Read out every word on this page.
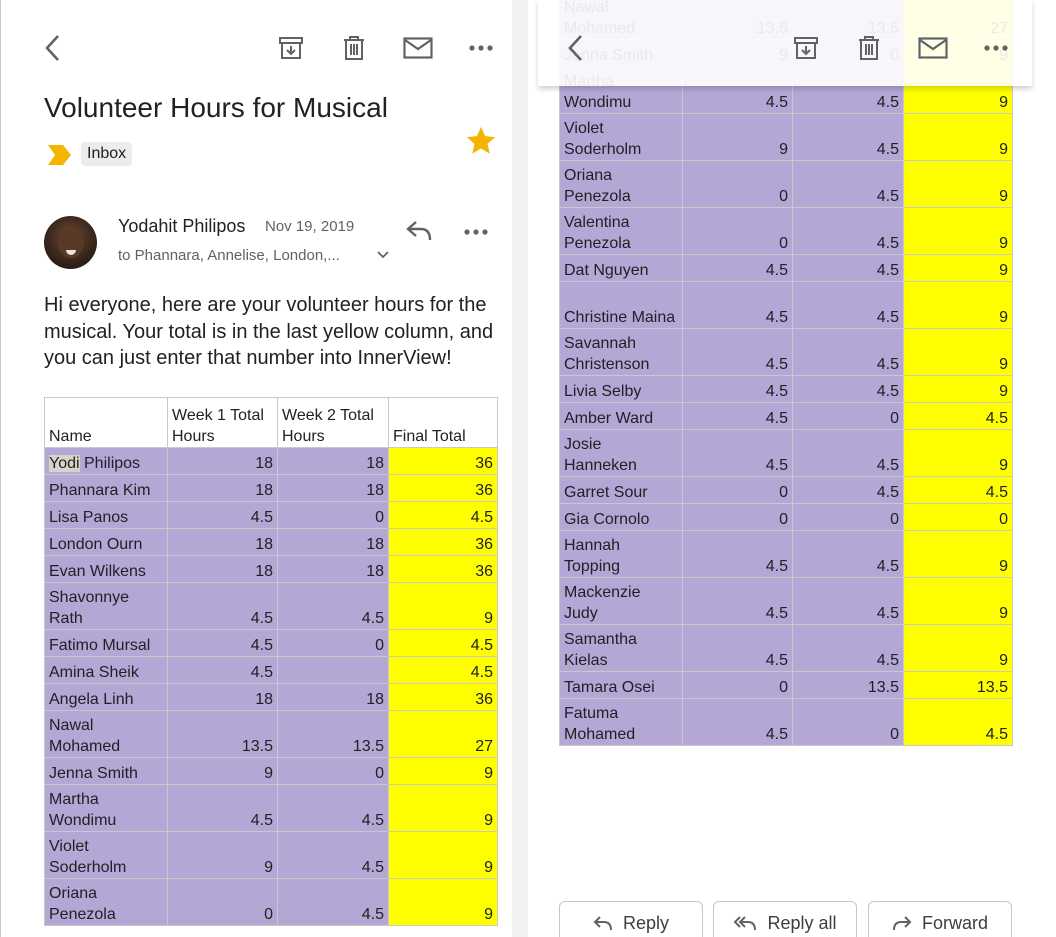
Volunteer Hours for Musical
Inbox
Yodahit Philipos Nov 19, 2019
to Phannara, Annelise, London,...
Hi everyone, here are your volunteer hours for the musical. Your total is in the last yellow column, and you can just enter that number into InnerView!
Name	Week 1 Total Hours	Week 2 Total Hours	Final Total
Yodi Philipos	18	18	36
Phannara Kim	18	18	36
Lisa Panos	4.5	0	4.5
London Ourn	18	18	36
Evan Wilkens	18	18	36
Shavonnye Rath	4.5	4.5	9
Fatimo Mursal	4.5	0	4.5
Amina Sheik	4.5		4.5
Angela Linh	18	18	36
Nawal Mohamed	13.5	13.5	27
Jenna Smith	9	0	9
Martha Wondimu	4.5	4.5	9
Violet Soderholm	9	4.5	9
Oriana Penezola	0	4.5	9

Wondimu	4.5	4.5	9
Violet Soderholm	9	4.5	9
Oriana Penezola	0	4.5	9
Valentina Penezola	0	4.5	9
Dat Nguyen	4.5	4.5	9
Christine Maina	4.5	4.5	9
Savannah Christenson	4.5	4.5	9
Livia Selby	4.5	4.5	9
Amber Ward	4.5	0	4.5
Josie Hanneken	4.5	4.5	9
Garret Sour	0	4.5	4.5
Gia Cornolo	0	0	0
Hannah Topping	4.5	4.5	9
Mackenzie Judy	4.5	4.5	9
Samantha Kielas	4.5	4.5	9
Tamara Osei	0	13.5	13.5
Fatuma Mohamed	4.5	0	4.5
Reply	Reply all	Forward
